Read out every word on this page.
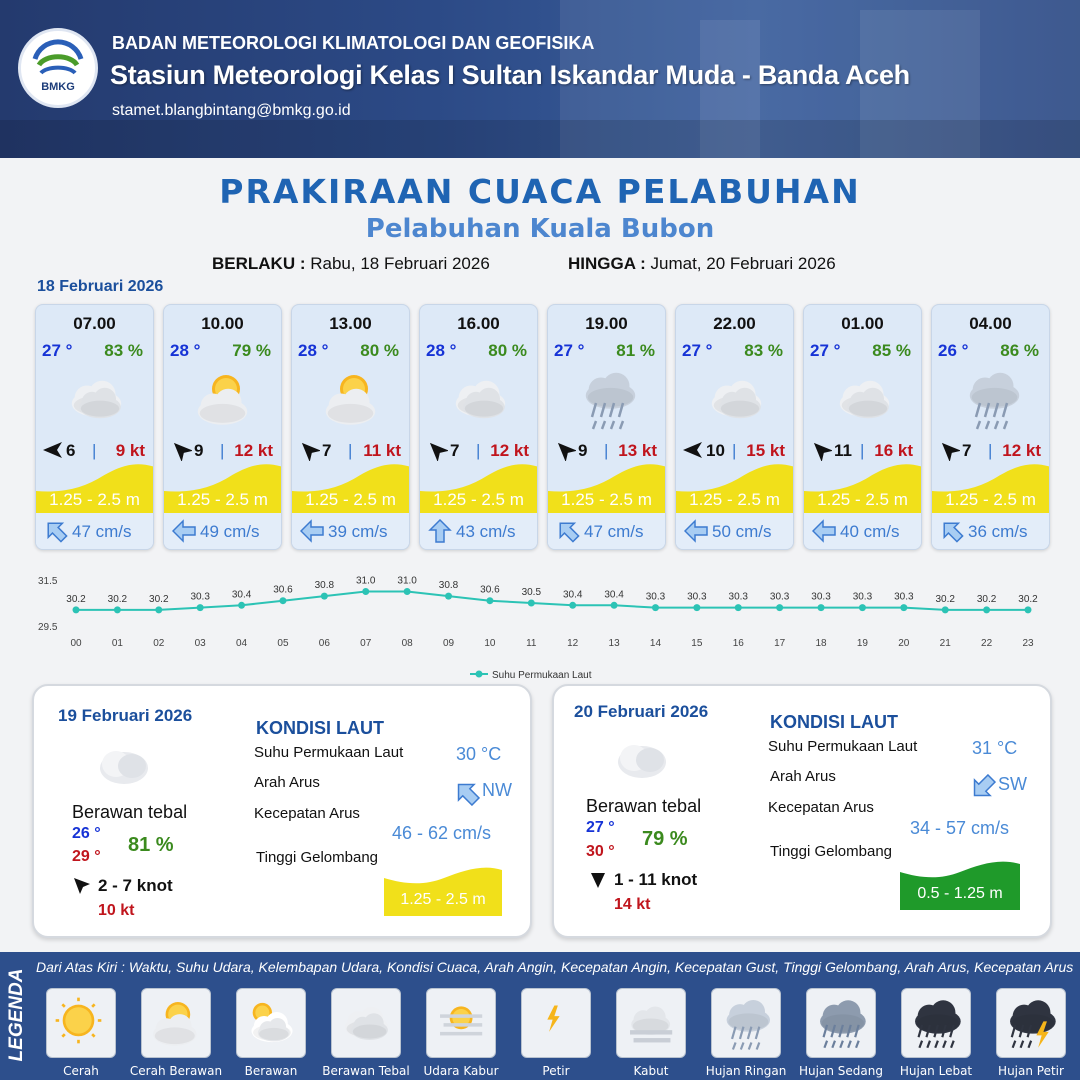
BMKG
BADAN METEOROLOGI KLIMATOLOGI DAN GEOFISIKA
Stasiun Meteorologi Kelas I Sultan Iskandar Muda - Banda Aceh
stamet.blangbintang@bmkg.go.id
PRAKIRAAN CUACA PELABUHAN
Pelabuhan Kuala Bubon
BERLAKU : Rabu, 18 Februari 2026	HINGGA : Jumat, 20 Februari 2026
18 Februari 2026
07.00
27 ° 83 %
6 | 9 kt
1.25 - 2.5 m
47 cm/s
10.00
28 ° 79 %
9 | 12 kt
1.25 - 2.5 m
49 cm/s
13.00
28 ° 80 %
7 | 11 kt
1.25 - 2.5 m
39 cm/s
16.00
28 ° 80 %
7 | 12 kt
1.25 - 2.5 m
43 cm/s
19.00
27 ° 81 %
9 | 13 kt
1.25 - 2.5 m
47 cm/s
22.00
27 ° 83 %
10 | 15 kt
1.25 - 2.5 m
50 cm/s
01.00
27 ° 85 %
11 | 16 kt
1.25 - 2.5 m
40 cm/s
04.00
26 ° 86 %
7 | 12 kt
1.25 - 2.5 m
36 cm/s
31.5
29.5
30.2 30.2 30.2 30.3 30.4 30.6 30.8 31.0 31.0 30.8 30.6 30.5 30.4 30.4 30.3 30.3 30.3 30.3 30.3 30.3 30.3 30.2 30.2 30.2
00	01	02	03	04	05	06	07	08	09	10	11	12	13	14	15	16	17	18	19	20	21	22	23
Suhu Permukaan Laut
19 Februari 2026
Berawan tebal
26 °
29 °
81 %
2 - 7 knot
10 kt
KONDISI LAUT
Suhu Permukaan Laut	30 °C
Arah Arus	NW
Kecepatan Arus
46 - 62 cm/s
Tinggi Gelombang
1.25 - 2.5 m
20 Februari 2026
Berawan tebal
27 °
30 °
79 %
1 - 11 knot
14 kt
KONDISI LAUT
Suhu Permukaan Laut	31 °C
Arah Arus	SW
Kecepatan Arus
34 - 57 cm/s
Tinggi Gelombang
0.5 - 1.25 m
LEGENDA
Dari Atas Kiri : Waktu, Suhu Udara, Kelembapan Udara, Kondisi Cuaca, Arah Angin, Kecepatan Angin, Kecepatan Gust, Tinggi Gelombang, Arah Arus, Kecepatan Arus
Cerah	Cerah Berawan	Berawan	Berawan Tebal	Udara Kabur	Petir	Kabut	Hujan Ringan	Hujan Sedang	Hujan Lebat	Hujan Petir
